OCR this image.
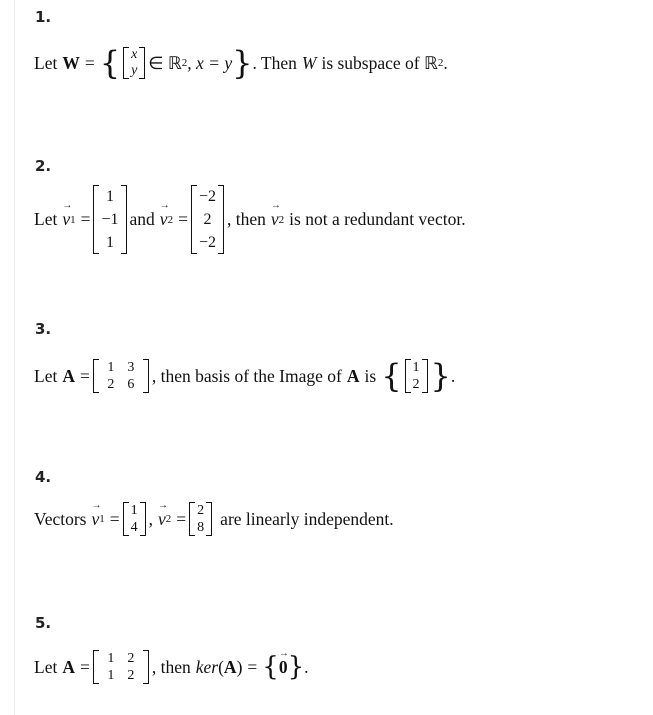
1.
Let W = { x
y ∈ ℝ 2 , x = y } . Then W is subspace of ℝ 2 .
2.
Let → v 1 =
1
−1
1
and → v 2 =
−2
2
−2
, then → v 2 is not a redundant vector.
3.
Let A =	1 3
2 6	, then basis of the Image of A is { 1
2 } .
4.
Vectors → v 1 = 1
4 , → v 2 = 2
8 are linearly independent.
5.
Let A =	1 2
1 2	, then ker ( A ) = { → 0 } .
